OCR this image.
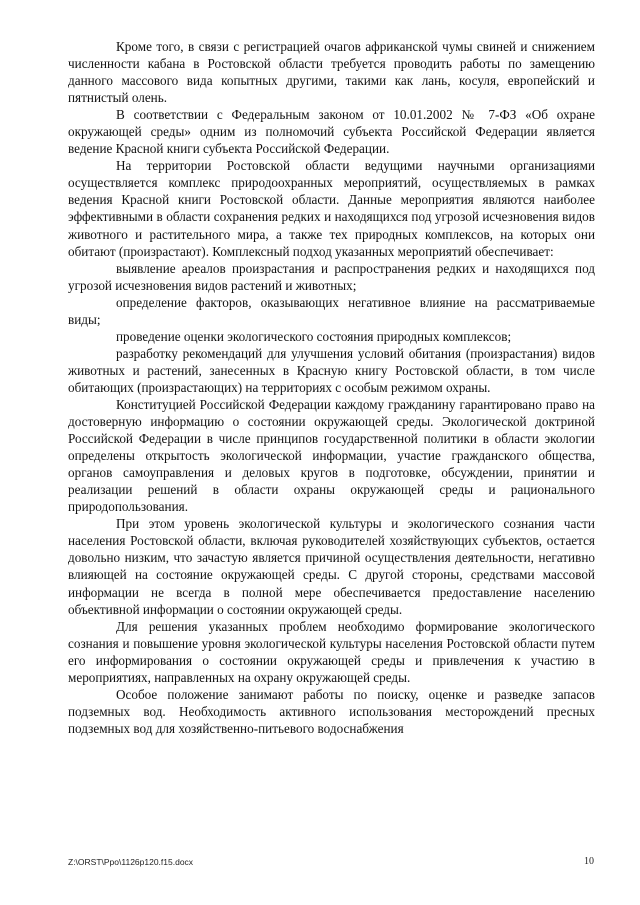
Кроме того, в связи с регистрацией очагов африканской чумы свиней и снижением численности кабана в Ростовской области требуется проводить работы по замещению данного массового вида копытных другими, такими как лань, косуля, европейский и пятнистый олень.

В соответствии с Федеральным законом от 10.01.2002 № 7-ФЗ «Об охране окружающей среды» одним из полномочий субъекта Российской Федерации является ведение Красной книги субъекта Российской Федерации.

На территории Ростовской области ведущими научными организациями осуществляется комплекс природоохранных мероприятий, осуществляемых в рамках ведения Красной книги Ростовской области. Данные мероприятия являются наиболее эффективными в области сохранения редких и находящихся под угрозой исчезновения видов животного и растительного мира, а также тех природных комплексов, на которых они обитают (произрастают). Комплексный подход указанных мероприятий обеспечивает:

выявление ареалов произрастания и распространения редких и находящихся под угрозой исчезновения видов растений и животных;

определение факторов, оказывающих негативное влияние на рассматриваемые виды;

проведение оценки экологического состояния природных комплексов;

разработку рекомендаций для улучшения условий обитания (произрастания) видов животных и растений, занесенных в Красную книгу Ростовской области, в том числе обитающих (произрастающих) на территориях с особым режимом охраны.

Конституцией Российской Федерации каждому гражданину гарантировано право на достоверную информацию о состоянии окружающей среды. Экологической доктриной Российской Федерации в числе принципов государственной политики в области экологии определены открытость экологической информации, участие гражданского общества, органов самоуправления и деловых кругов в подготовке, обсуждении, принятии и реализации решений в области охраны окружающей среды и рационального природопользования.

При этом уровень экологической культуры и экологического сознания части населения Ростовской области, включая руководителей хозяйствующих субъектов, остается довольно низким, что зачастую является причиной осуществления деятельности, негативно влияющей на состояние окружающей среды. С другой стороны, средствами массовой информации не всегда в полной мере обеспечивается предоставление населению объективной информации о состоянии окружающей среды.

Для решения указанных проблем необходимо формирование экологического сознания и повышение уровня экологической культуры населения Ростовской области путем его информирования о состоянии окружающей среды и привлечения к участию в мероприятиях, направленных на охрану окружающей среды.

Особое положение занимают работы по поиску, оценке и разведке запасов подземных вод. Необходимость активного использования месторождений пресных подземных вод для хозяйственно-питьевого водоснабжения

Z:\ORST\Ppo\1126p120.f15.docx	10
